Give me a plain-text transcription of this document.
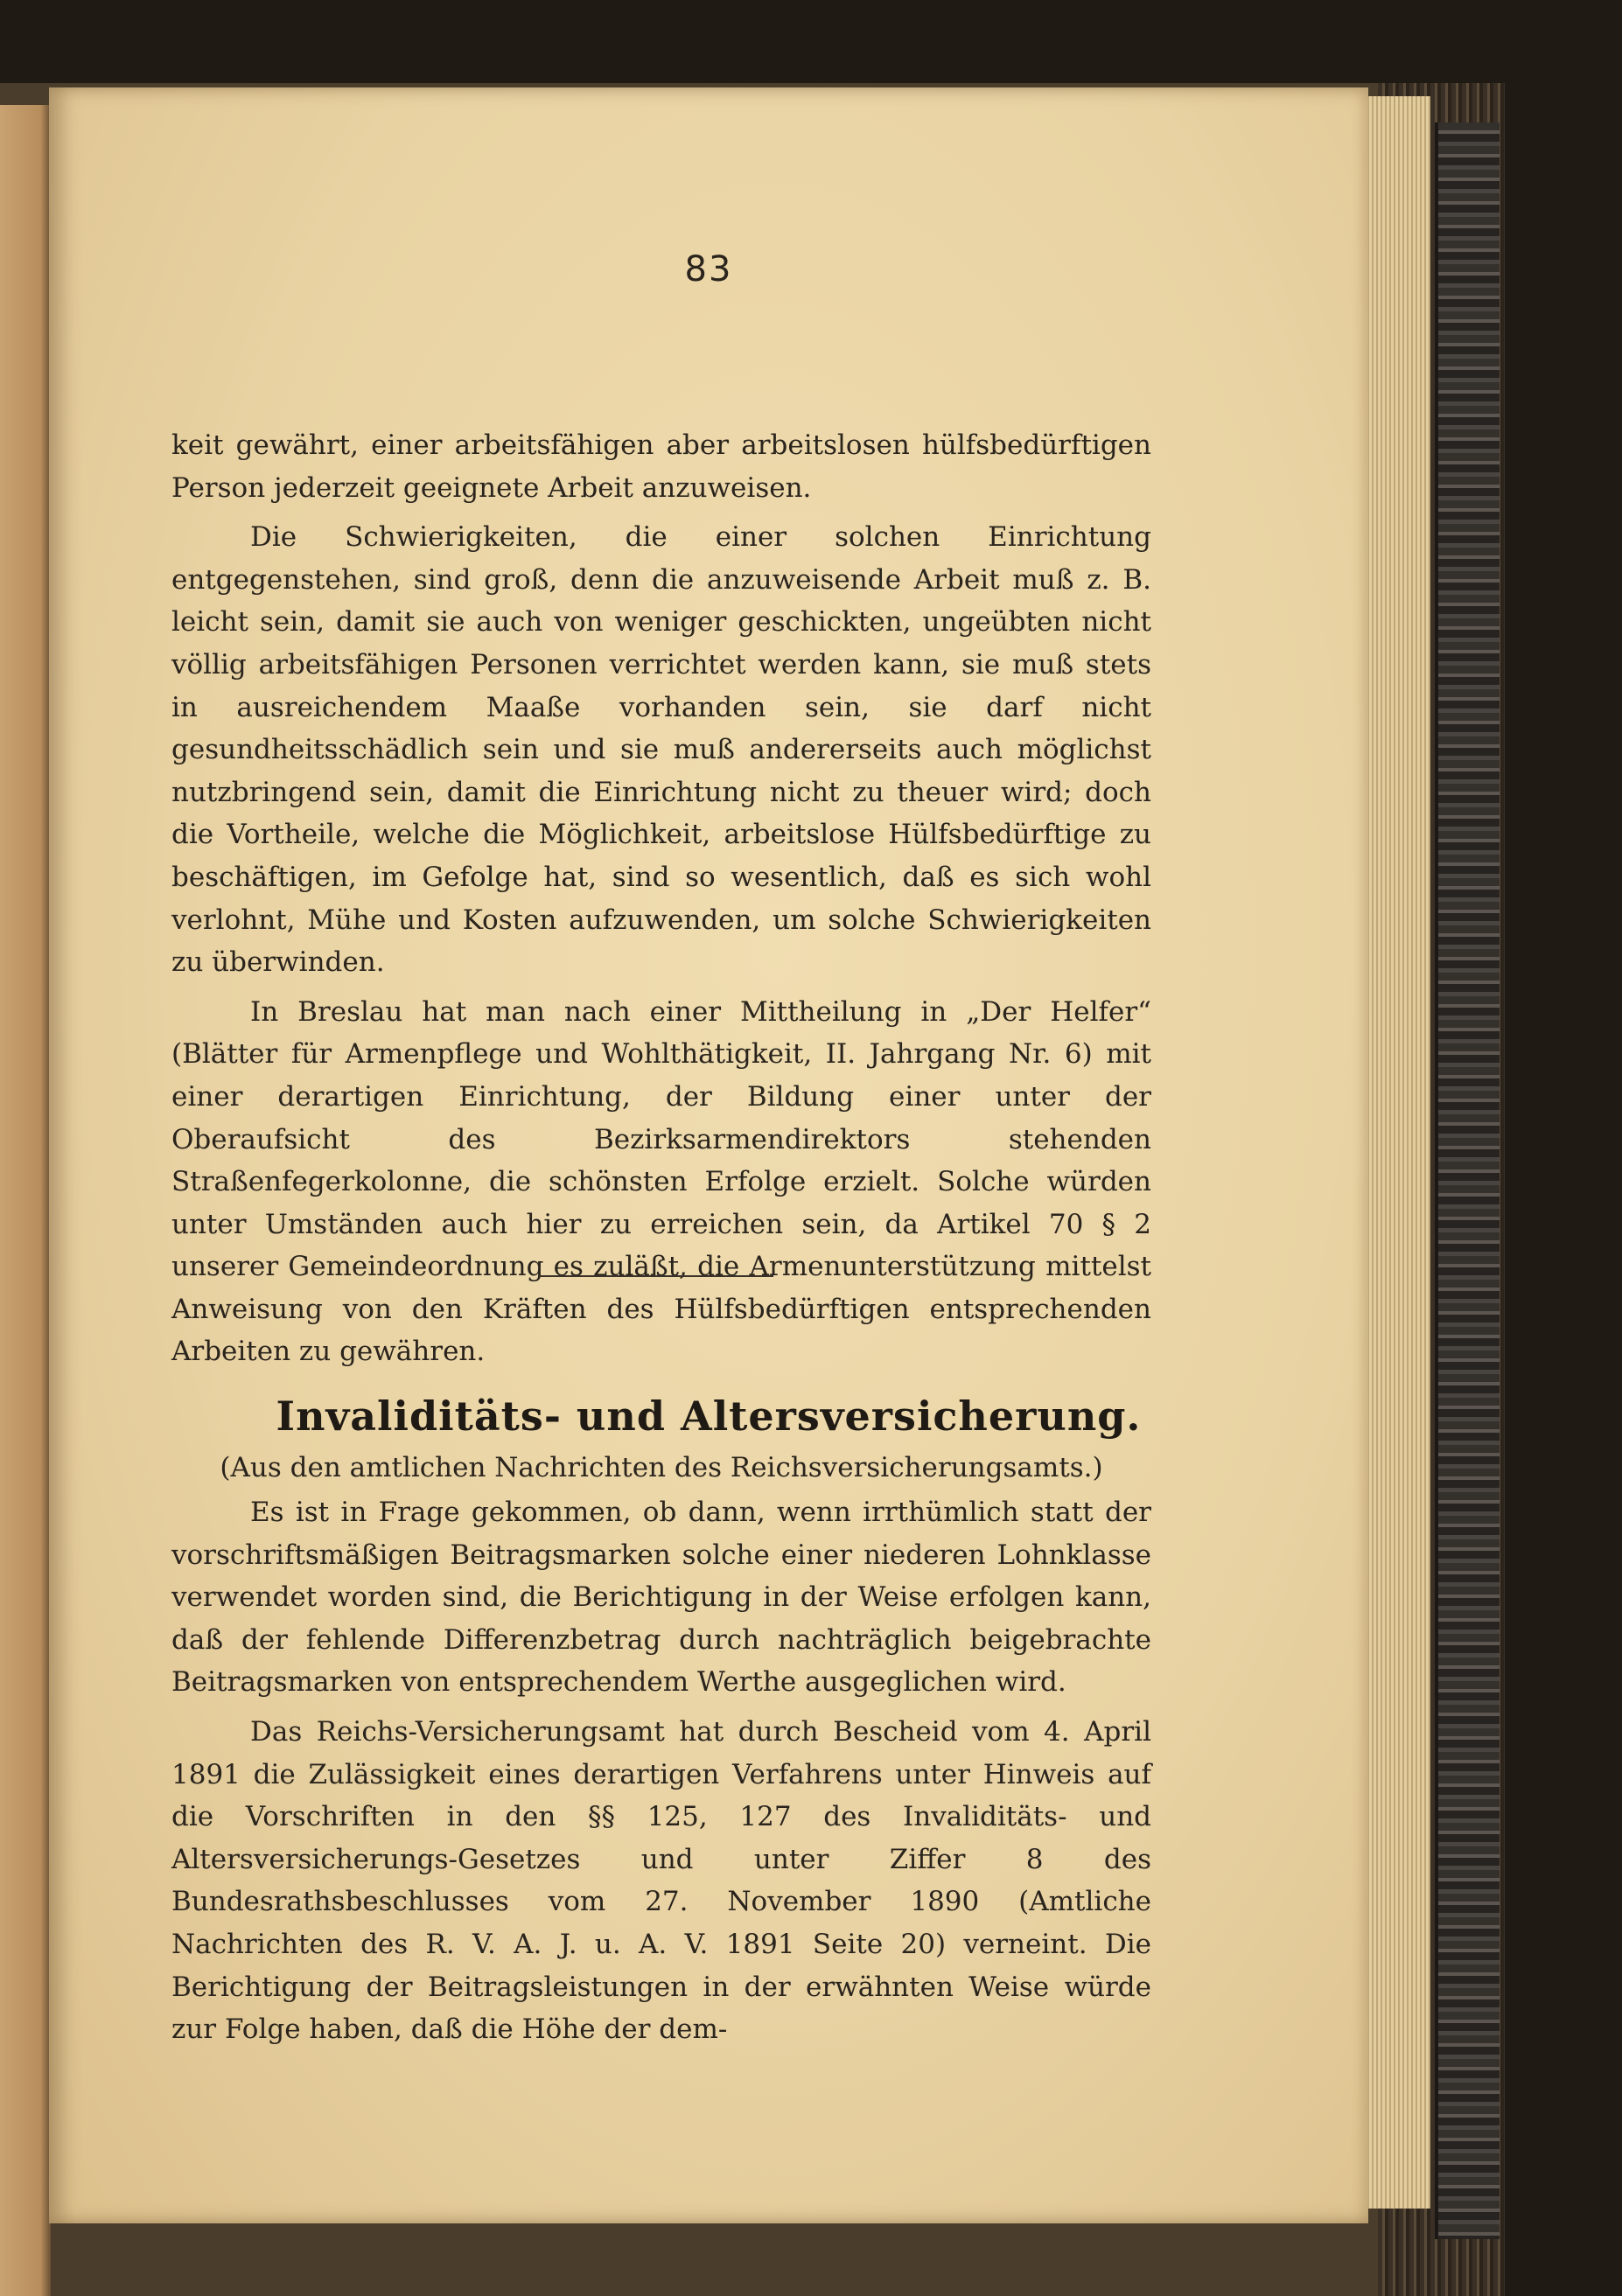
83

keit gewährt, einer arbeitsfähigen aber arbeitslosen hülfsbedürftigen Person jederzeit geeignete Arbeit anzuweisen.

Die Schwierigkeiten, die einer solchen Einrichtung entgegenstehen, sind groß, denn die anzuweisende Arbeit muß z. B. leicht sein, damit sie auch von weniger geschickten, ungeübten nicht völlig arbeitsfähigen Personen verrichtet werden kann, sie muß stets in ausreichendem Maaße vorhanden sein, sie darf nicht gesundheitsschädlich sein und sie muß andererseits auch möglichst nutzbringend sein, damit die Einrichtung nicht zu theuer wird; doch die Vortheile, welche die Möglichkeit, arbeitslose Hülfsbedürftige zu beschäftigen, im Gefolge hat, sind so wesentlich, daß es sich wohl verlohnt, Mühe und Kosten aufzuwenden, um solche Schwierigkeiten zu überwinden.

In Breslau hat man nach einer Mittheilung in „Der Helfer“ (Blätter für Armenpflege und Wohlthätigkeit, II. Jahrgang Nr. 6) mit einer derartigen Einrichtung, der Bildung einer unter der Oberaufsicht des Bezirksarmendirektors stehenden Straßenfegerkolonne, die schönsten Erfolge erzielt. Solche würden unter Umständen auch hier zu erreichen sein, da Artikel 70 § 2 unserer Gemeindeordnung es zuläßt, die Armenunterstützung mittelst Anweisung von den Kräften des Hülfsbedürftigen entsprechenden Arbeiten zu gewähren.

Invaliditäts- und Altersversicherung.
(Aus den amtlichen Nachrichten des Reichsversicherungsamts.)

Es ist in Frage gekommen, ob dann, wenn irrthümlich statt der vorschriftsmäßigen Beitragsmarken solche einer niederen Lohnklasse verwendet worden sind, die Berichtigung in der Weise erfolgen kann, daß der fehlende Differenzbetrag durch nachträglich beigebrachte Beitragsmarken von entsprechendem Werthe ausgeglichen wird.

Das Reichs-Versicherungsamt hat durch Bescheid vom 4. April 1891 die Zulässigkeit eines derartigen Verfahrens unter Hinweis auf die Vorschriften in den §§ 125, 127 des Invaliditäts- und Altersversicherungs-Gesetzes und unter Ziffer 8 des Bundesrathsbeschlusses vom 27. November 1890 (Amtliche Nachrichten des R. V. A. J. u. A. V. 1891 Seite 20) verneint. Die Berichtigung der Beitragsleistungen in der erwähnten Weise würde zur Folge haben, daß die Höhe der dem-
